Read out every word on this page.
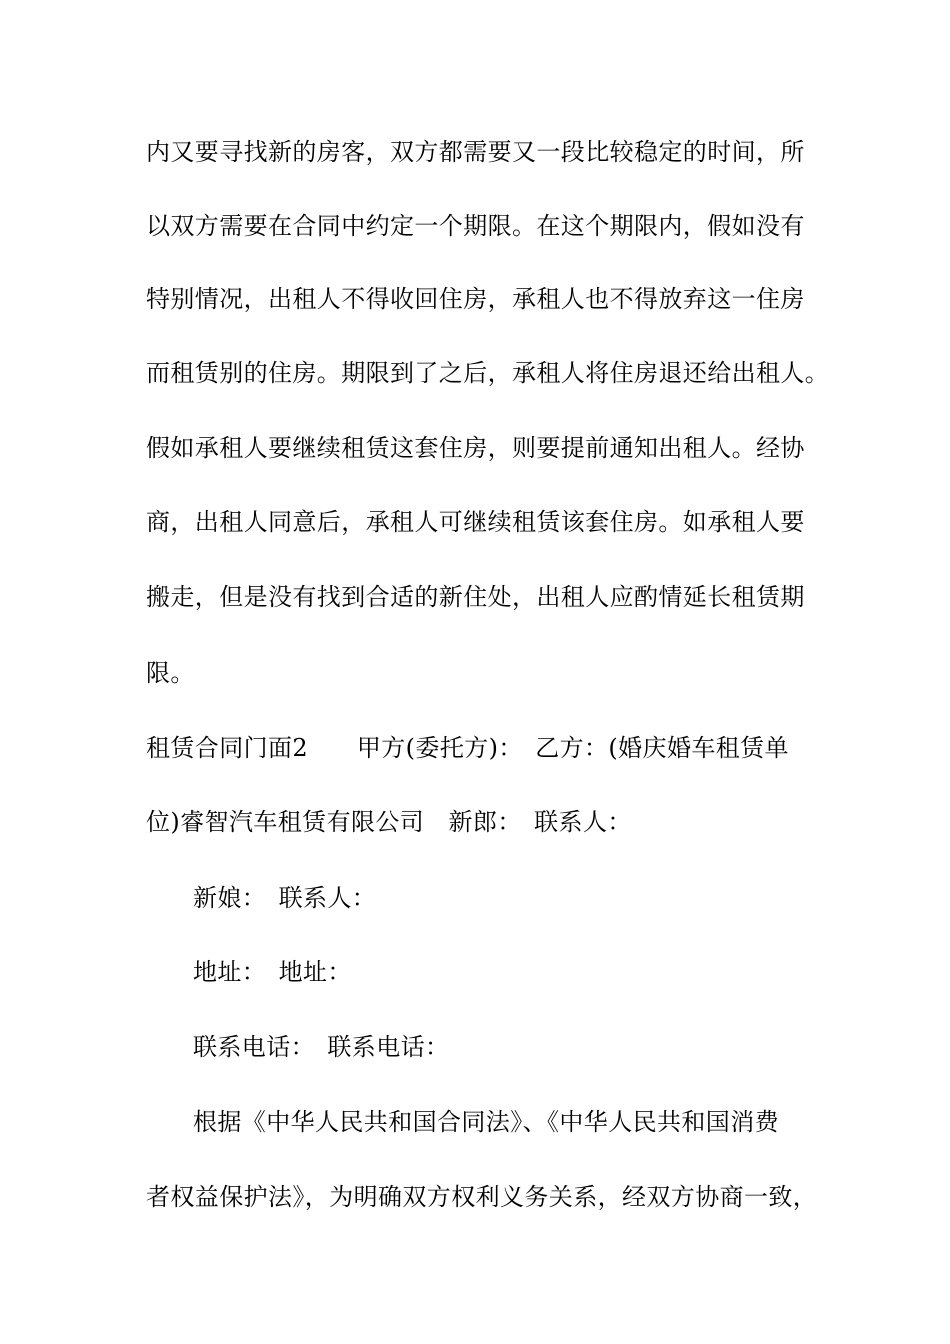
内又要寻找新的房客，双方都需要又一段比较稳定的时间，所
以双方需要在合同中约定一个期限。在这个期限内，假如没有
特别情况，出租人不得收回住房，承租人也不得放弃这一住房
而租赁别的住房。期限到了之后，承租人将住房退还给出租人。
假如承租人要继续租赁这套住房，则要提前通知出租人。经协
商，出租人同意后，承租人可继续租赁该套住房。如承租人要
搬走，但是没有找到合适的新住处，出租人应酌情延长租赁期
限。
租赁合同门面2　　甲方(委托方)：　乙方：(婚庆婚车租赁单
位)睿智汽车租赁有限公司　新郎：　联系人：
新娘：　联系人：
地址：　地址：
联系电话：　联系电话：
根据《中华人民共和国合同法》、《中华人民共和国消费
者权益保护法》，为明确双方权利义务关系，经双方协商一致，
